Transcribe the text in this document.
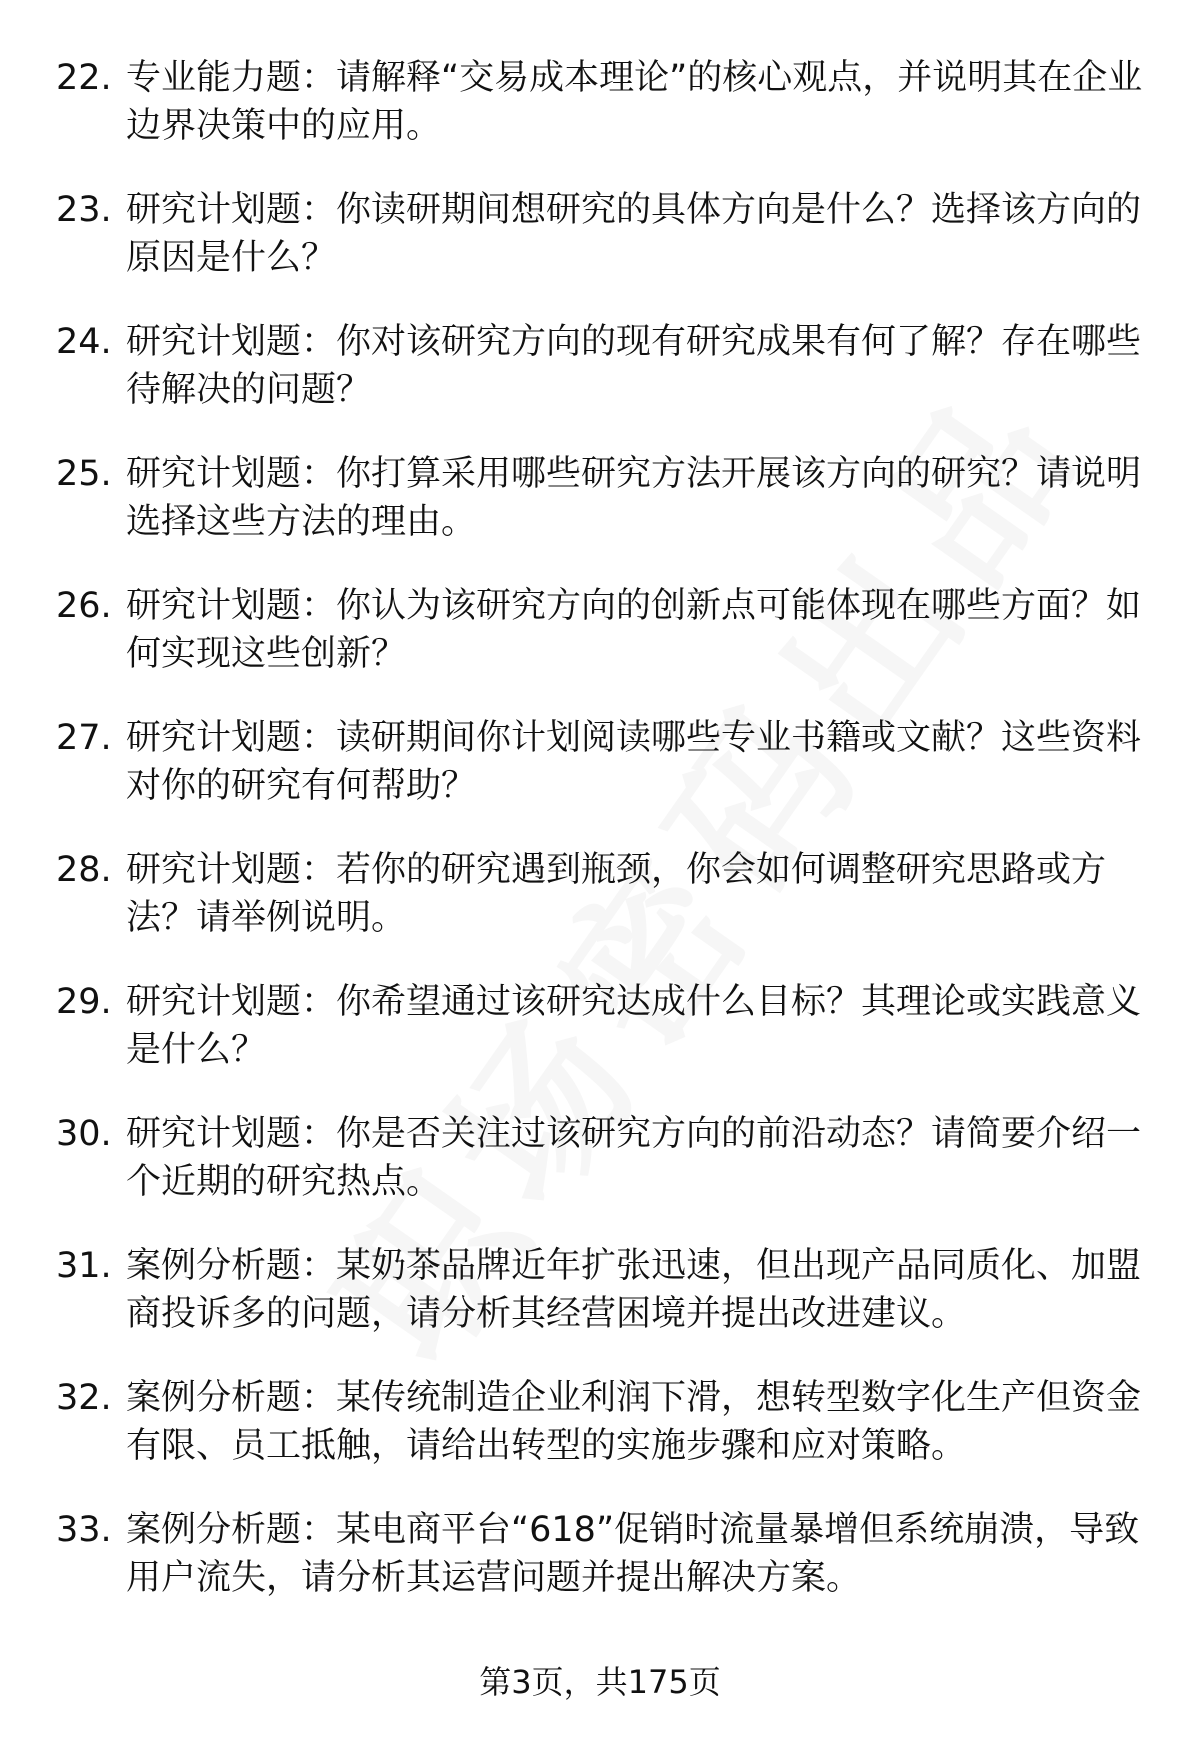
22. 专业能力题：请解释“交易成本理论”的核心观点，并说明其在企业边界决策中的应用。
23. 研究计划题：你读研期间想研究的具体方向是什么？选择该方向的原因是什么？
24. 研究计划题：你对该研究方向的现有研究成果有何了解？存在哪些待解决的问题？
25. 研究计划题：你打算采用哪些研究方法开展该方向的研究？请说明选择这些方法的理由。
26. 研究计划题：你认为该研究方向的创新点可能体现在哪些方面？如何实现这些创新？
27. 研究计划题：读研期间你计划阅读哪些专业书籍或文献？这些资料对你的研究有何帮助？
28. 研究计划题：若你的研究遇到瓶颈，你会如何调整研究思路或方法？请举例说明。
29. 研究计划题：你希望通过该研究达成什么目标？其理论或实践意义是什么？
30. 研究计划题：你是否关注过该研究方向的前沿动态？请简要介绍一个近期的研究热点。
31. 案例分析题：某奶茶品牌近年扩张迅速，但出现产品同质化、加盟商投诉多的问题，请分析其经营困境并提出改进建议。
32. 案例分析题：某传统制造企业利润下滑，想转型数字化生产但资金有限、员工抵触，请给出转型的实施步骤和应对策略。
33. 案例分析题：某电商平台“618”促销时流量暴增但系统崩溃，导致用户流失，请分析其运营问题并提出解决方案。
第3页，共175页
